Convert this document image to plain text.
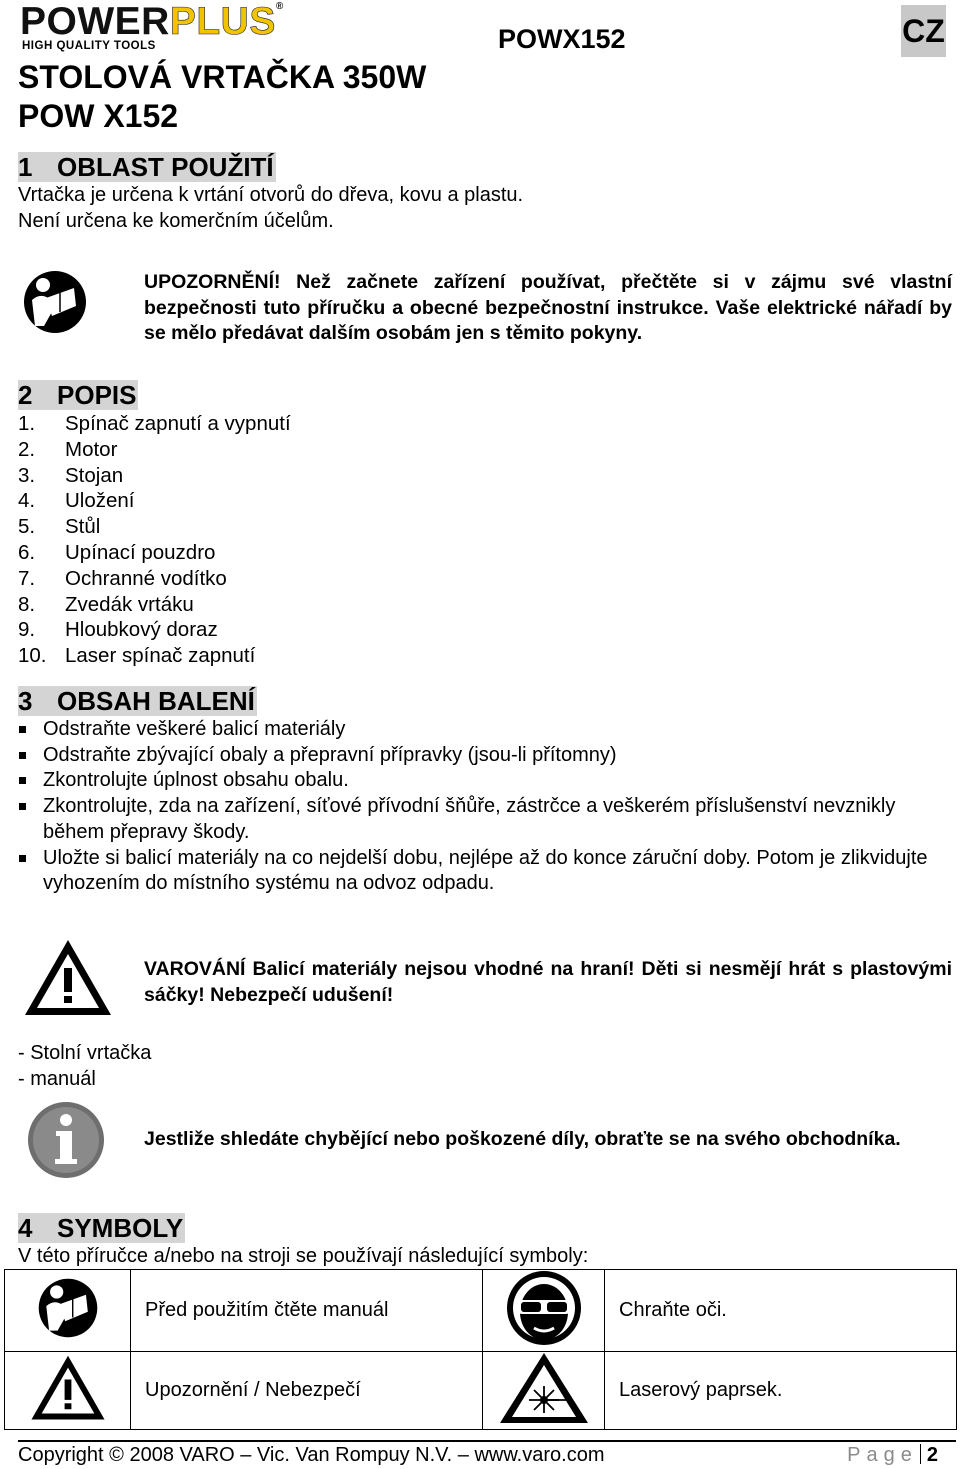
POWERPLUS®
HIGH QUALITY TOOLS	POWX152	CZ
STOLOVÁ VRTAČKA 350W
POW X152
1 OBLAST POUŽITÍ
Vrtačka je určena k vrtání otvorů do dřeva, kovu a plastu.
Není určena ke komerčním účelům.
UPOZORNĚNÍ! Než začnete zařízení používat, přečtěte si v zájmu své vlastní bezpečnosti tuto příručku a obecné bezpečnostní instrukce. Vaše elektrické nářadí by se mělo předávat dalším osobám jen s těmito pokyny.
2 POPIS
1. Spínač zapnutí a vypnutí
2. Motor
3. Stojan
4. Uložení
5. Stůl
6. Upínací pouzdro
7. Ochranné vodítko
8. Zvedák vrtáku
9. Hloubkový doraz
10. Laser spínač zapnutí
3 OBSAH BALENÍ
Odstraňte veškeré balicí materiály
Odstraňte zbývající obaly a přepravní přípravky (jsou-li přítomny)
Zkontrolujte úplnost obsahu obalu.
Zkontrolujte, zda na zařízení, síťové přívodní šňůře, zástrčce a veškerém příslušenství nevznikly během přepravy škody.
Uložte si balicí materiály na co nejdelší dobu, nejlépe až do konce záruční doby. Potom je zlikvidujte vyhozením do místního systému na odvoz odpadu.
VAROVÁNÍ Balicí materiály nejsou vhodné na hraní! Děti si nesmějí hrát s plastovými sáčky! Nebezpečí udušení!
- Stolní vrtačka
- manuál
Jestliže shledáte chybějící nebo poškozené díly, obraťte se na svého obchodníka.
4 SYMBOLY
V této příručce a/nebo na stroji se používají následující symboly:
	Před použitím čtěte manuál		Chraňte oči.

	Upozornění / Nebezpečí		Laserový paprsek.
Copyright © 2008 VARO – Vic. Van Rompuy N.V. – www.varo.com	Page 2
